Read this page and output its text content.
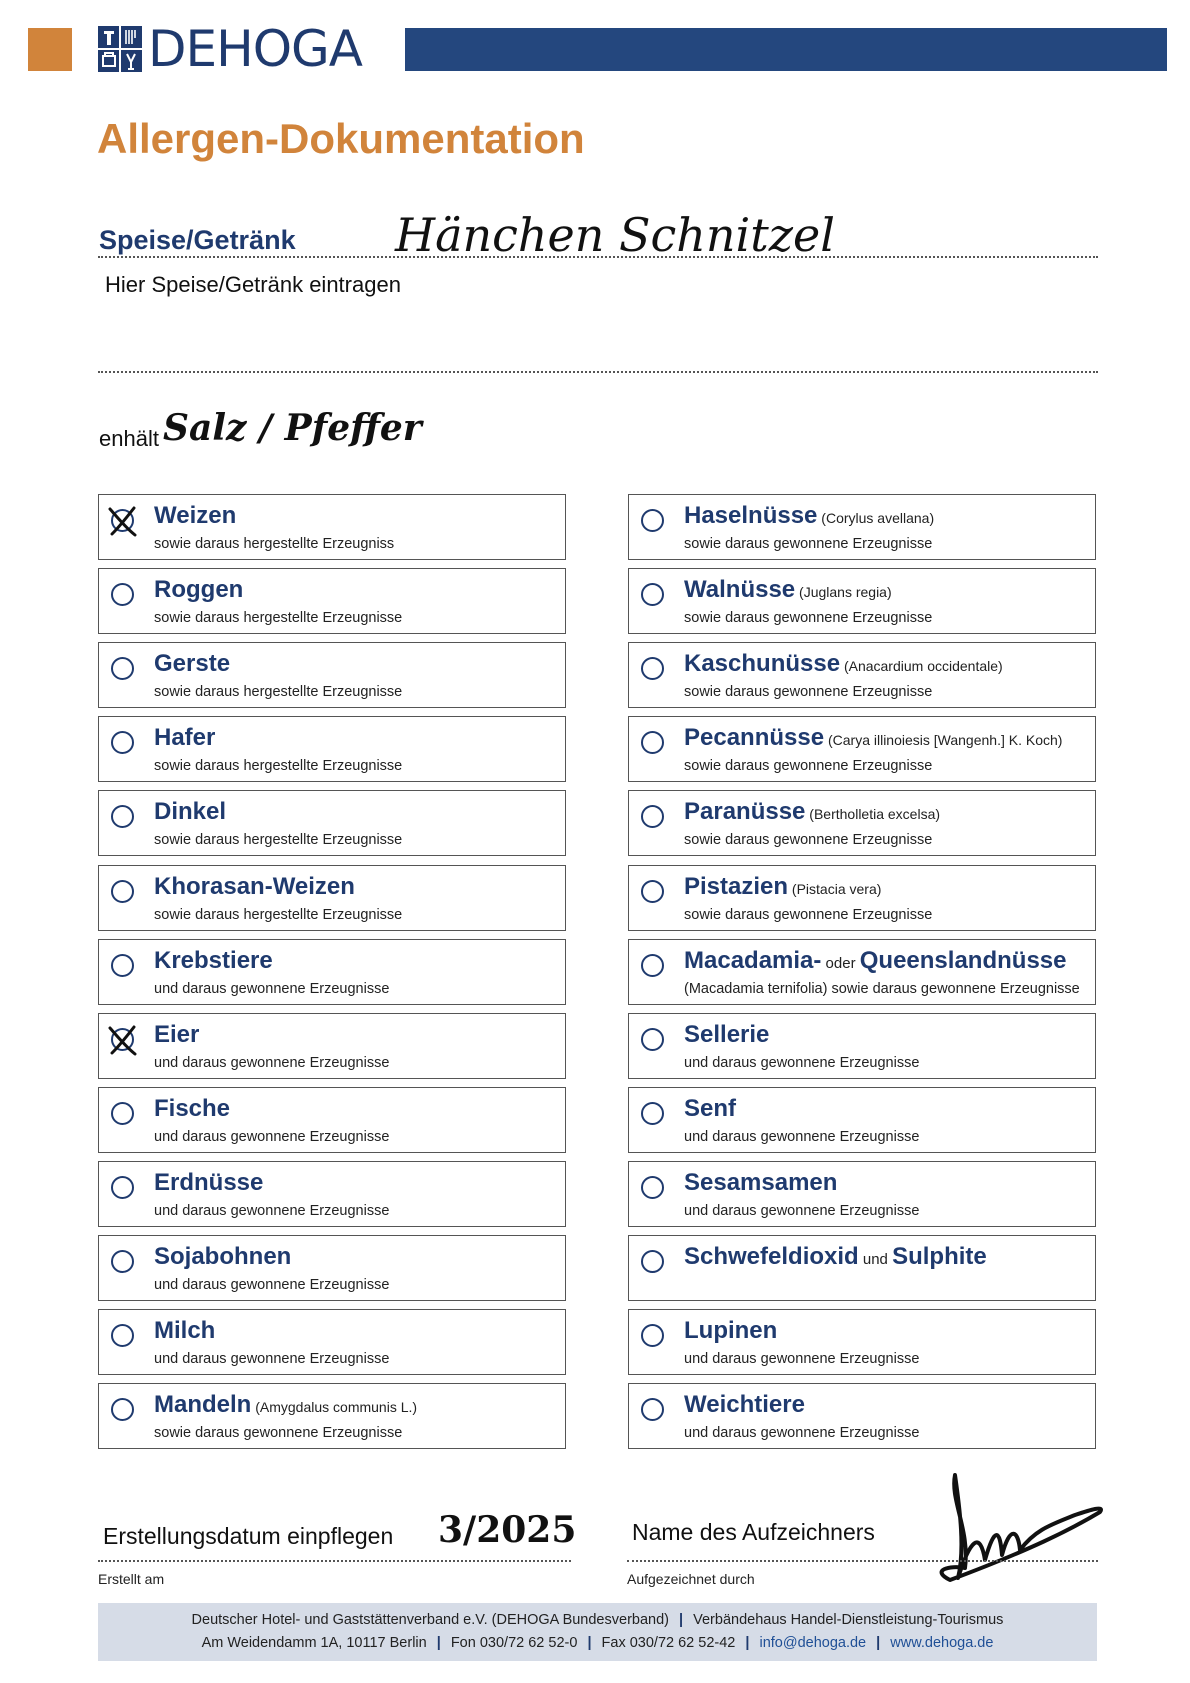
DEHOGA
Allergen-Dokumentation
Speise/Getränk Hänchen Schnitzel
Hier Speise/Getränk eintragen
enhält Salz / Pfeffer
Weizen
sowie daraus hergestellte Erzeugniss
Roggen
sowie daraus hergestellte Erzeugnisse
Gerste
sowie daraus hergestellte Erzeugnisse
Hafer
sowie daraus hergestellte Erzeugnisse
Dinkel
sowie daraus hergestellte Erzeugnisse
Khorasan-Weizen
sowie daraus hergestellte Erzeugnisse
Krebstiere
und daraus gewonnene Erzeugnisse
Eier
und daraus gewonnene Erzeugnisse
Fische
und daraus gewonnene Erzeugnisse
Erdnüsse
und daraus gewonnene Erzeugnisse
Sojabohnen
und daraus gewonnene Erzeugnisse
Milch
und daraus gewonnene Erzeugnisse
Mandeln (Amygdalus communis L.)
sowie daraus gewonnene Erzeugnisse
Haselnüsse (Corylus avellana)
sowie daraus gewonnene Erzeugnisse
Walnüsse (Juglans regia)
sowie daraus gewonnene Erzeugnisse
Kaschunüsse (Anacardium occidentale)
sowie daraus gewonnene Erzeugnisse
Pecannüsse (Carya illinoiesis [Wangenh.] K. Koch)
sowie daraus gewonnene Erzeugnisse
Paranüsse (Bertholletia excelsa)
sowie daraus gewonnene Erzeugnisse
Pistazien (Pistacia vera)
sowie daraus gewonnene Erzeugnisse
Macadamia- oder Queenslandnüsse
(Macadamia ternifolia) sowie daraus gewonnene Erzeugnisse
Sellerie
und daraus gewonnene Erzeugnisse
Senf
und daraus gewonnene Erzeugnisse
Sesamsamen
und daraus gewonnene Erzeugnisse
Schwefeldioxid und Sulphite
Lupinen
und daraus gewonnene Erzeugnisse
Weichtiere
und daraus gewonnene Erzeugnisse
Erstellungsdatum einpflegen 3/2025
Erstellt am
Name des Aufzeichners
Aufgezeichnet durch
Deutscher Hotel- und Gaststättenverband e.V. (DEHOGA Bundesverband) | Verbändehaus Handel-Dienstleistung-Tourismus
Am Weidendamm 1A, 10117 Berlin | Fon 030/72 62 52-0 | Fax 030/72 62 52-42 | info@dehoga.de | www.dehoga.de
